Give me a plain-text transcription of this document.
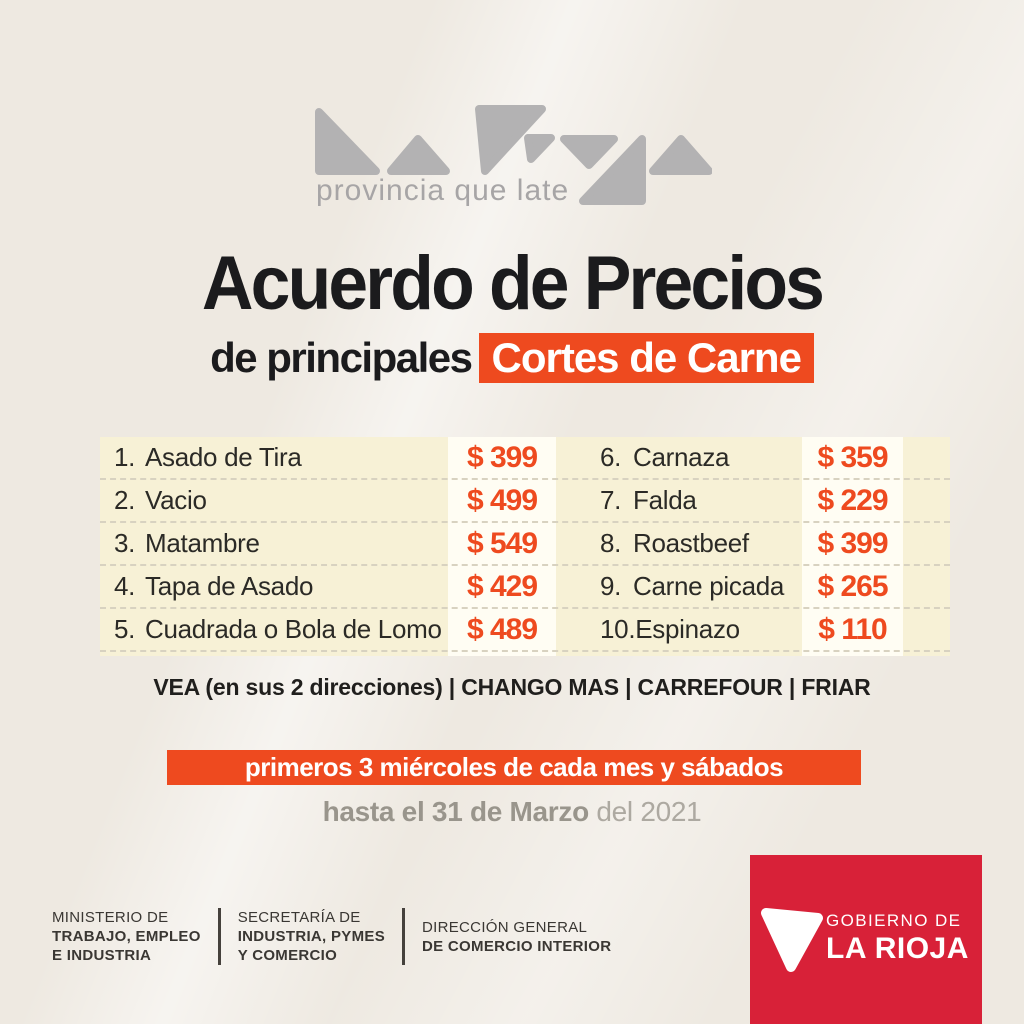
provincia que late
Acuerdo de Precios
de principales Cortes de Carne
1. Asado de Tira	$ 399 6. Carnaza	$ 359
2. Vacio	$ 499 7. Falda	$ 229
3. Matambre	$ 549 8. Roastbeef $ 399
4. Tapa de Asado	$ 429 9. Carne picada $ 265
5. Cuadrada o Bola de Lomo $ 489 10. Espinazo	$ 110
VEA (en sus 2 direcciones) | CHANGO MAS | CARREFOUR | FRIAR
primeros 3 miércoles de cada mes y sábados
hasta el 31 de Marzo del 2021
MINISTERIO DE
TRABAJO, EMPLEO
E INDUSTRIA
SECRETARÍA DE
INDUSTRIA, PYMES
Y COMERCIO
DIRECCIÓN GENERAL
DE COMERCIO INTERIOR
GOBIERNO DE
LA RIOJA
